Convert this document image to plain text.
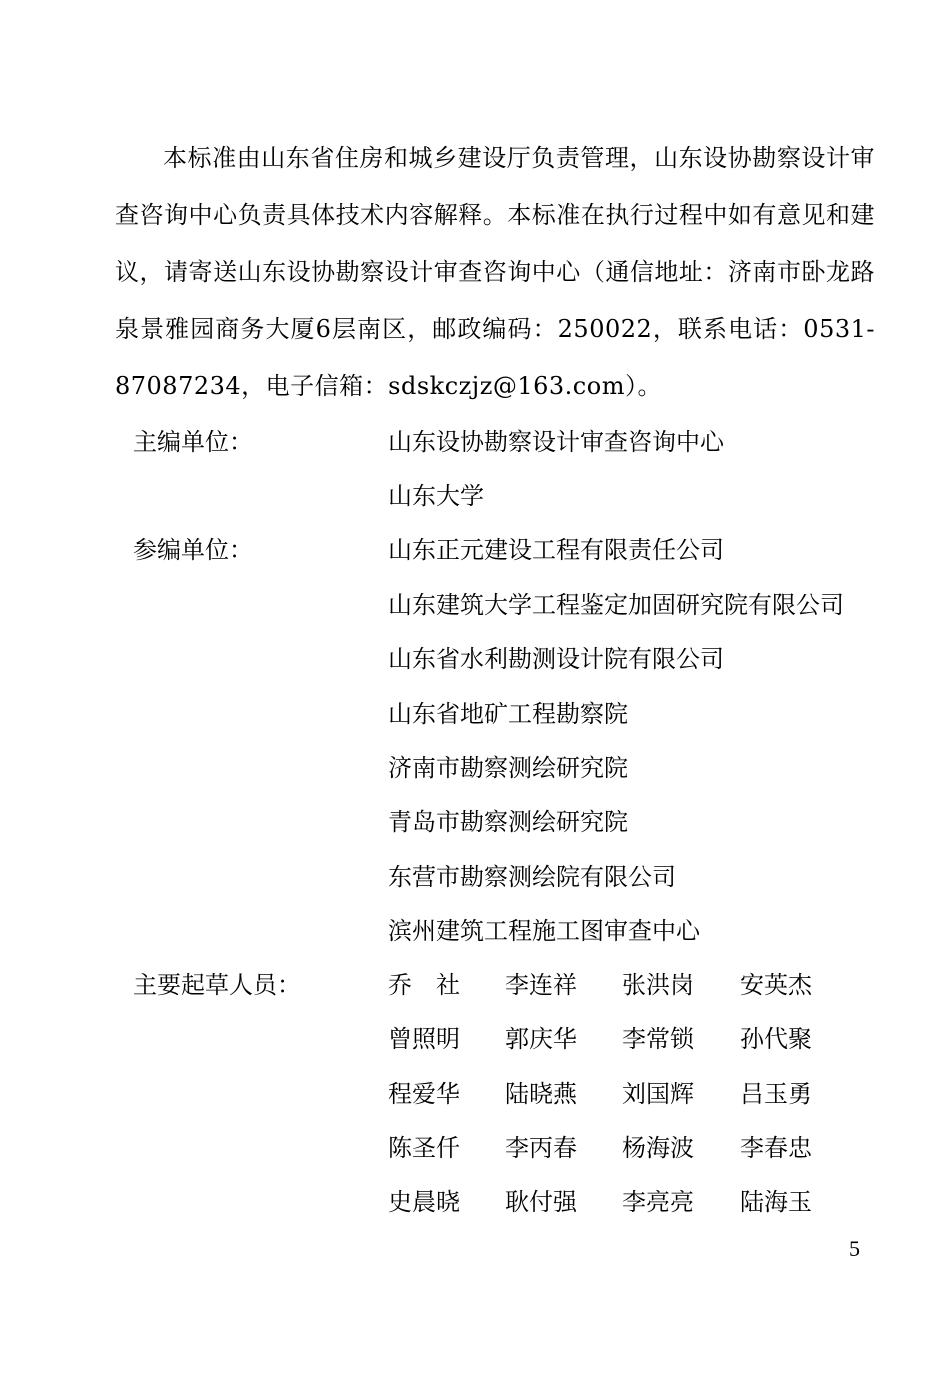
本标准由山东省住房和城乡建设厅负责管理，山东设协勘察设计审查咨询中心负责具体技术内容解释。本标准在执行过程中如有意见和建议，请寄送山东设协勘察设计审查咨询中心（通信地址：济南市卧龙路泉景雅园商务大厦6层南区，邮政编码：250022，联系电话：0531-87087234，电子信箱：sdskczjz@163.com）。

主编单位：	山东设协勘察设计审查咨询中心
山东大学
参编单位：	山东正元建设工程有限责任公司
山东建筑大学工程鉴定加固研究院有限公司
山东省水利勘测设计院有限公司
山东省地矿工程勘察院
济南市勘察测绘研究院
青岛市勘察测绘研究院
东营市勘察测绘院有限公司
滨州建筑工程施工图审查中心
主要起草人员：	乔　社	李连祥	张洪岗	安英杰
曾照明	郭庆华	李常锁	孙代聚
程爱华	陆晓燕	刘国辉	吕玉勇
陈圣仟	李丙春	杨海波	李春忠
史晨晓	耿付强	李亮亮	陆海玉
5
